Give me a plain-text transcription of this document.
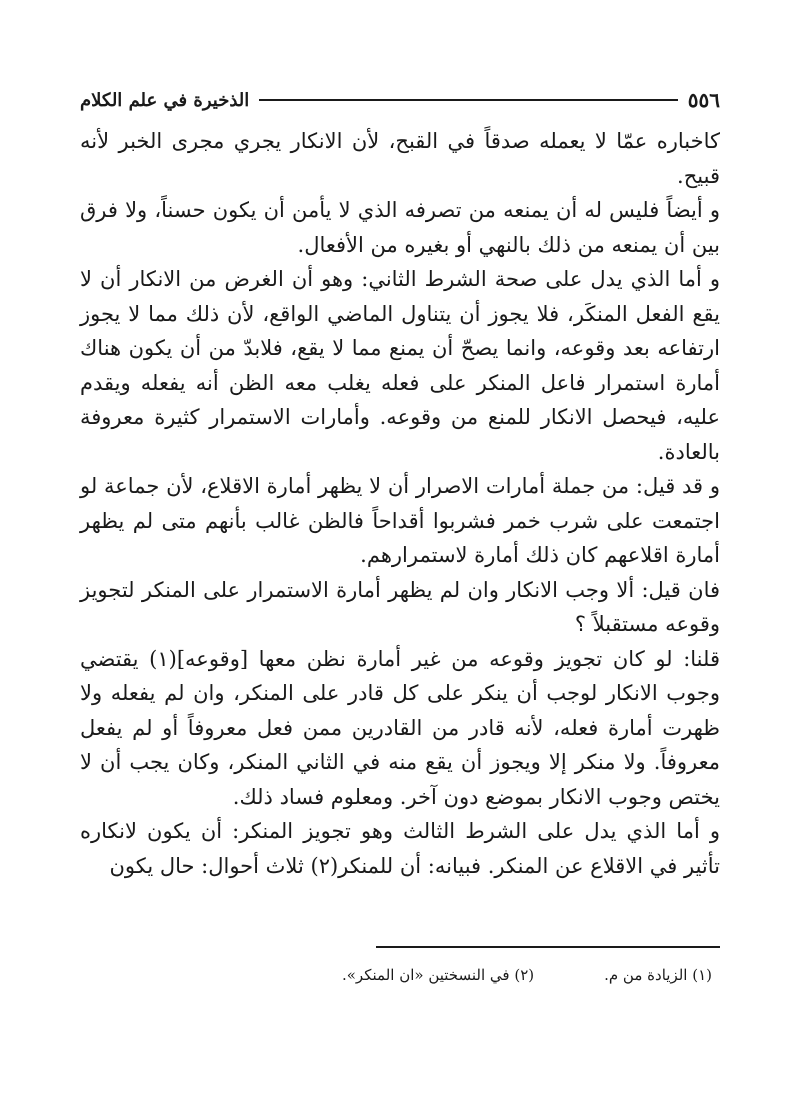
٥٥٦
الذخيرة في علم الكلام

كاخباره عمّا لا يعمله صدقاً في القبح، لأن الانكار يجري مجرى الخبر لأنه قبيح.

و أيضاً فليس له أن يمنعه من تصرفه الذي لا يأمن أن يكون حسناً، ولا فرق بين أن يمنعه من ذلك بالنهي أو بغيره من الأفعال.

و أما الذي يدل على صحة الشرط الثاني: وهو أن الغرض من الانكار أن لا يقع الفعل المنكَر، فلا يجوز أن يتناول الماضي الواقع، لأن ذلك مما لا يجوز ارتفاعه بعد وقوعه، وانما يصحّ أن يمنع مما لا يقع، فلابدّ من أن يكون هناك أمارة استمرار فاعل المنكر على فعله يغلب معه الظن أنه يفعله ويقدم عليه، فيحصل الانكار للمنع من وقوعه. وأمارات الاستمرار كثيرة معروفة بالعادة.

و قد قيل: من جملة أمارات الاصرار أن لا يظهر أمارة الاقلاع، لأن جماعة لو اجتمعت على شرب خمر فشربوا أقداحاً فالظن غالب بأنهم متى لم يظهر أمارة اقلاعهم كان ذلك أمارة لاستمرارهم.

فان قيل: ألا وجب الانكار وان لم يظهر أمارة الاستمرار على المنكر لتجويز وقوعه مستقبلاً ؟

قلنا: لو كان تجويز وقوعه من غير أمارة نظن معها [وقوعه](١) يقتضي وجوب الانكار لوجب أن ينكر على كل قادر على المنكر، وان لم يفعله ولا ظهرت أمارة فعله، لأنه قادر من القادرين ممن فعل معروفاً أو لم يفعل معروفاً. ولا منكر إلا ويجوز أن يقع منه في الثاني المنكر، وكان يجب أن لا يختص وجوب الانكار بموضع دون آخر. ومعلوم فساد ذلك.

و أما الذي يدل على الشرط الثالث وهو تجويز المنكر: أن يكون لانكاره تأثير في الاقلاع عن المنكر. فبيانه: أن للمنكر(٢) ثلاث أحوال: حال يكون

(١) الزيادة من م.
(٢) في النسختين «ان المنكر».
